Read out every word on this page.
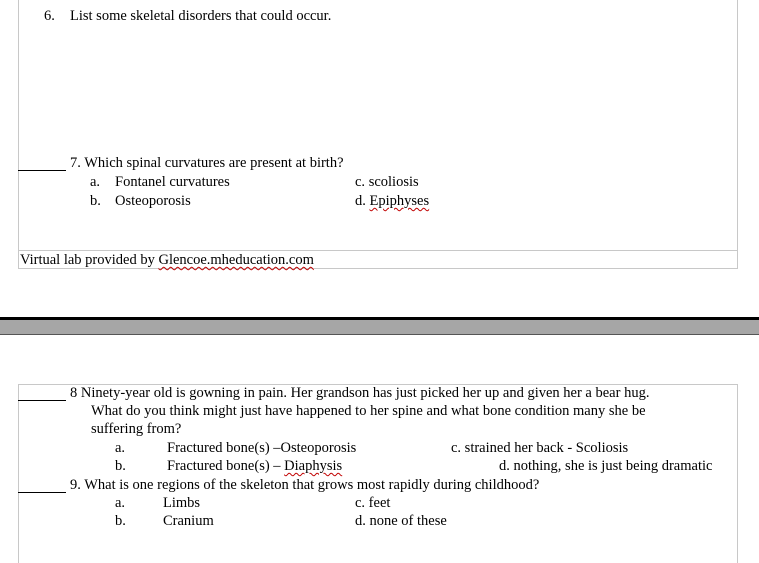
6. List some skeletal disorders that could occur.
7. Which spinal curvatures are present at birth?
a. Fontanel curvatures
b. Osteoporosis
c. scoliosis
d. Epiphyses
Virtual lab provided by Glencoe.mheducation.com
8 Ninety-year old is gowning in pain. Her grandson has just picked her up and given her a bear hug.
What do you think might just have happened to her spine and what bone condition many she be
suffering from?
a.	Fractured bone(s) –Osteoporosis
b.	Fractured bone(s) – Diaphysis
c. strained her back - Scoliosis
d. nothing, she is just being dramatic
9. What is one regions of the skeleton that grows most rapidly during childhood?
a.	Limbs
b.	Cranium
c. feet
d. none of these
